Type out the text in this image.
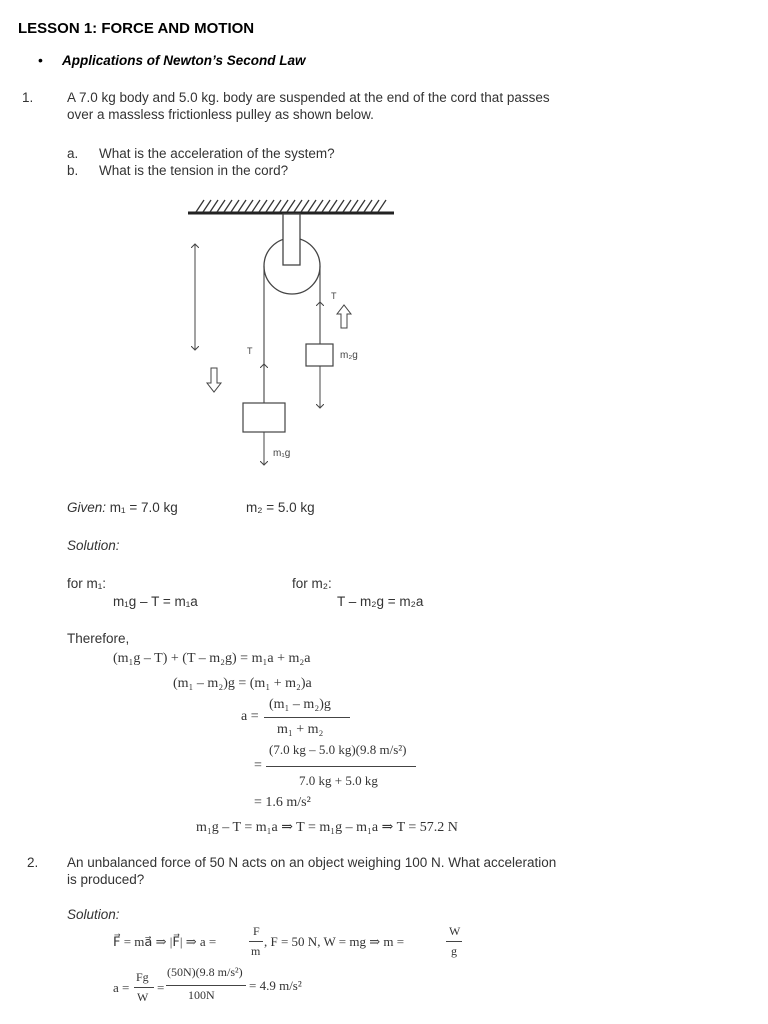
LESSON 1: FORCE AND MOTION
• Applications of Newton’s Second Law
1. A 7.0 kg body and 5.0 kg. body are suspended at the end of the cord that passes
over a massless frictionless pulley as shown below.
a. What is the acceleration of the system?
b. What is the tension in the cord?
T
T
m₁g
m₂g
Given: m₁ = 7.0 kg	m₂ = 5.0 kg
Solution:
for m₁:
m₁g – T = m₁a
for m₂:
T – m₂g = m₂a
Therefore,
(m₁g – T) + (T – m₂g) = m₁a + m₂a
(m₁ – m₂)g = (m₁ + m₂)a
a =
(m₁ – m₂)g
m₁ + m₂
=
(7.0 kg – 5.0 kg)(9.8 m/s²)
7.0 kg + 5.0 kg
= 1.6 m/s²
m₁g – T = m₁a ⇒ T = m₁g – m₁a ⇒ T = 57.2 N
2. An unbalanced force of 50 N acts on an object weighing 100 N. What acceleration
is produced?
Solution:
F⃗ = ma⃗ ⇒ |F⃗| ⇒ a =
F
m
, F = 50 N, W = mg ⇒ m =
W
g
a =
Fg
W
=
(50N)(9.8 m/s²)
100N
= 4.9 m/s²
